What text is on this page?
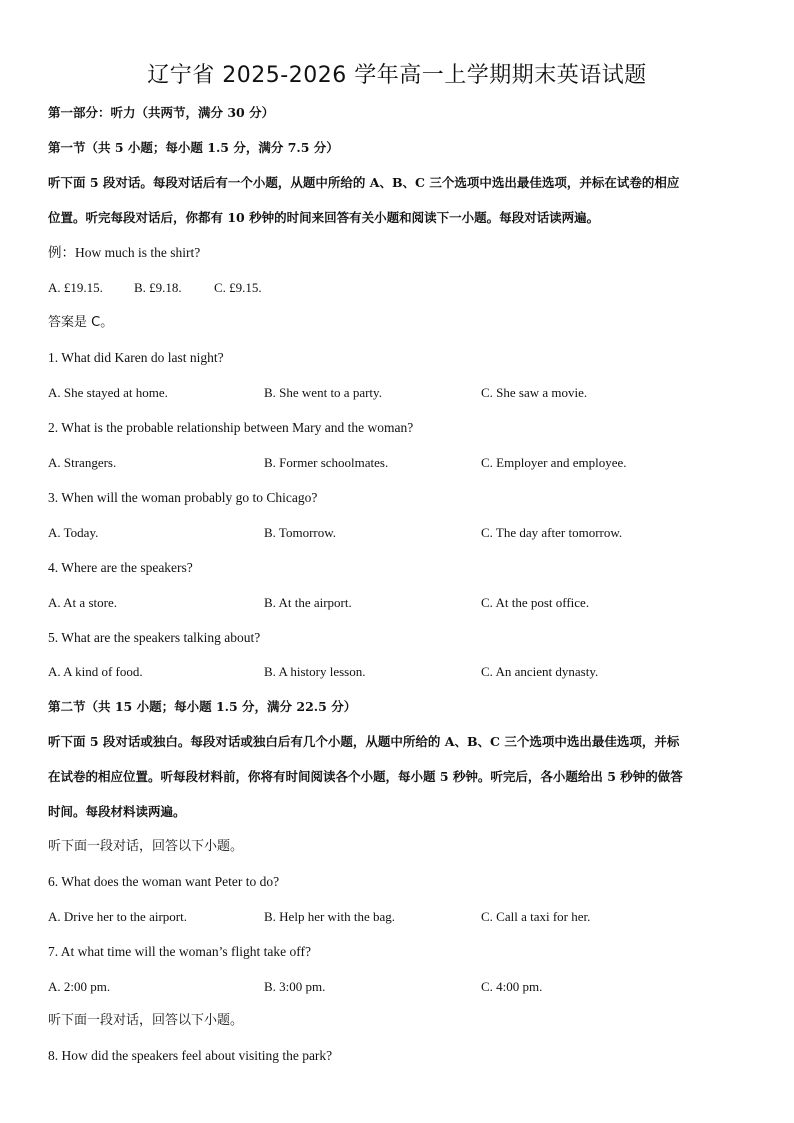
辽宁省 2025-2026 学年高一上学期期末英语试题
第一部分：听力（共两节，满分 30 分）
第一节（共 5 小题；每小题 1.5 分，满分 7.5 分）
听下面 5 段对话。每段对话后有一个小题，从题中所给的 A、B、C 三个选项中选出最佳选项，并标在试卷的相应
位置。听完每段对话后，你都有 10 秒钟的时间来回答有关小题和阅读下一小题。每段对话读两遍。
例：How much is the shirt?
A. £19.15. B. £9.18. C. £9.15.
答案是 C。
1. What did Karen do last night?
A. She stayed at home.	B. She went to a party.	C. She saw a movie.
2. What is the probable relationship between Mary and the woman?
A. Strangers.	B. Former schoolmates.	C. Employer and employee.
3. When will the woman probably go to Chicago?
A. Today.	B. Tomorrow.	C. The day after tomorrow.
4. Where are the speakers?
A. At a store.	B. At the airport.	C. At the post office.
5. What are the speakers talking about?
A. A kind of food.	B. A history lesson.	C. An ancient dynasty.
第二节（共 15 小题；每小题 1.5 分，满分 22.5 分）
听下面 5 段对话或独白。每段对话或独白后有几个小题，从题中所给的 A、B、C 三个选项中选出最佳选项，并标
在试卷的相应位置。听每段材料前，你将有时间阅读各个小题，每小题 5 秒钟。听完后，各小题给出 5 秒钟的做答
时间。每段材料读两遍。
听下面一段对话，回答以下小题。
6. What does the woman want Peter to do?
A. Drive her to the airport.	B. Help her with the bag.	C. Call a taxi for her.
7. At what time will the woman’s flight take off?
A. 2:00 pm.	B. 3:00 pm.	C. 4:00 pm.
听下面一段对话，回答以下小题。
8. How did the speakers feel about visiting the park?
